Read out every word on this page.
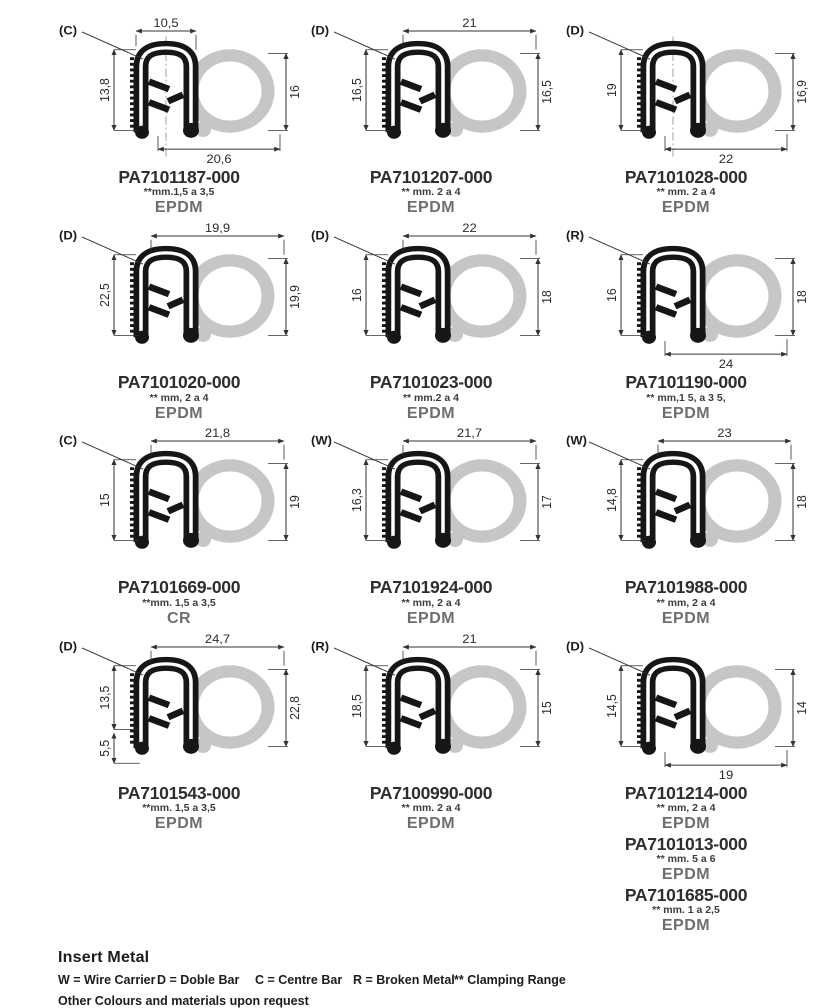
(C)
10,5
13,8	16
20,6
PA7101187-000
**mm.1,5 a 3,5
EPDM
(D)
21
16,5	16,5
PA7101207-000
** mm. 2 a 4
EPDM
(D)
19	16,9
22
PA7101028-000
** mm. 2 a 4
EPDM
(D)
19,9
22,5	19,9
PA7101020-000
** mm, 2 a 4
EPDM
(D)
22
16	18
PA7101023-000
** mm.2 a 4
EPDM
(R)
16	18
24
PA7101190-000
** mm,1 5, a 3 5,
EPDM
(C)
21,8
15	19
PA7101669-000
**mm. 1,5 a 3,5
CR
(W)
21,7
16,3	17
PA7101924-000
** mm, 2 a 4
EPDM
(W)
23
14,8	18
PA7101988-000
** mm, 2 a 4
EPDM
(D)
24,7
13,5
5,5
22,8
PA7101543-000
**mm. 1,5 a 3,5
EPDM
(R)
21
18,5	15
PA7100990-000
** mm. 2 a 4
EPDM
(D)
14,5	14
19
PA7101214-000
** mm, 2 a 4
EPDM
PA7101013-000
** mm. 5 a 6
EPDM
PA7101685-000
** mm. 1 a 2,5
EPDM
Insert Metal
W = Wire Carrier D = Doble Bar	C = Centre Bar R = Broken Metal ** Clamping Range
Other Colours and materials upon request
